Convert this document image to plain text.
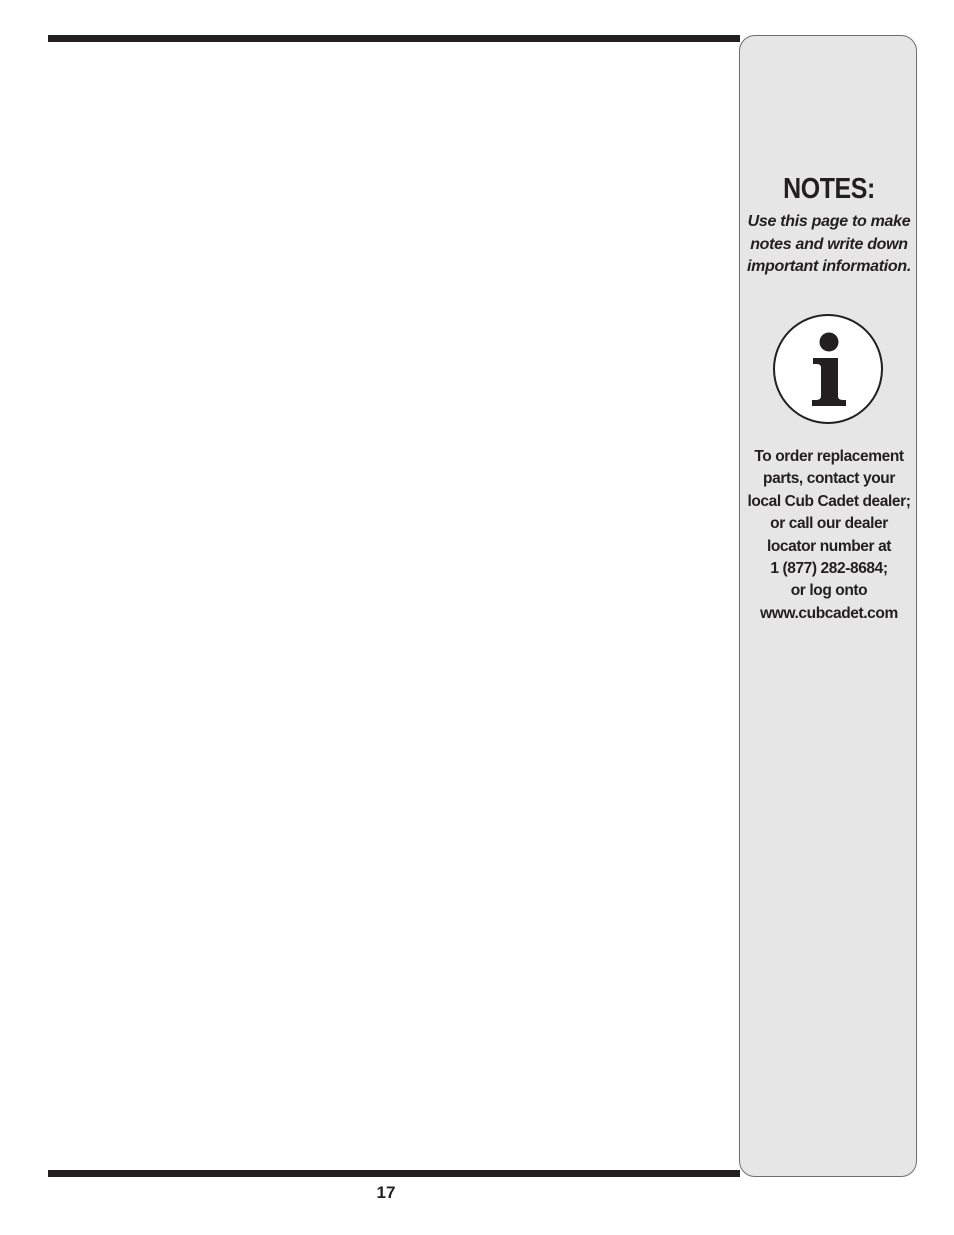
NOTES:

Use this page to make notes and write down important information.

To order replacement
parts, contact your
local Cub Cadet dealer;
or call our dealer
locator number at
1 (877) 282-8684;
or log onto
www.cubcadet.com
17
